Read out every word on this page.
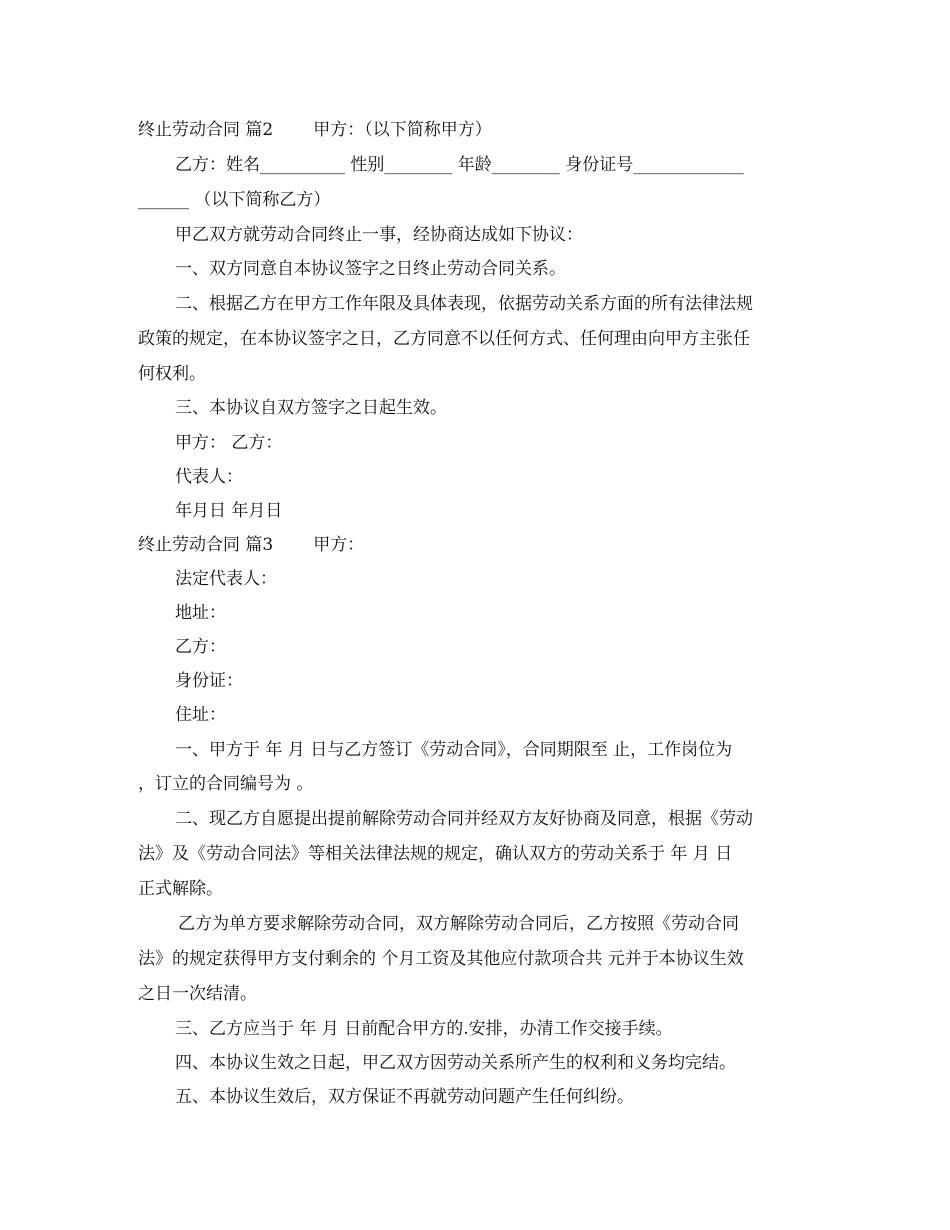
终止劳动合同 篇2 甲方：（以下简称甲方）
乙方：姓名__________ 性别________ 年龄________ 身份证号_____________
______ （以下简称乙方）
甲乙双方就劳动合同终止一事，经协商达成如下协议：
一、双方同意自本协议签字之日终止劳动合同关系。
二、根据乙方在甲方工作年限及具体表现，依据劳动关系方面的所有法律法规
政策的规定，在本协议签字之日，乙方同意不以任何方式、任何理由向甲方主张任
何权利。
三、本协议自双方签字之日起生效。
甲方： 乙方：
代表人：
年月日 年月日
终止劳动合同 篇3 甲方：
法定代表人：
地址：
乙方：
身份证：
住址：
一、甲方于 年 月 日与乙方签订《劳动合同》，合同期限至 止，工作岗位为
，订立的合同编号为 。
二、现乙方自愿提出提前解除劳动合同并经双方友好协商及同意，根据《劳动
法》及《劳动合同法》等相关法律法规的规定，确认双方的劳动关系于 年 月 日
正式解除。
乙方为单方要求解除劳动合同，双方解除劳动合同后，乙方按照《劳动合同
法》的规定获得甲方支付剩余的 个月工资及其他应付款项合共 元并于本协议生效
之日一次结清。
三、乙方应当于 年 月 日前配合甲方的.安排，办清工作交接手续。
四、本协议生效之日起，甲乙双方因劳动关系所产生的权利和义务均完结。
五、本协议生效后，双方保证不再就劳动问题产生任何纠纷。
